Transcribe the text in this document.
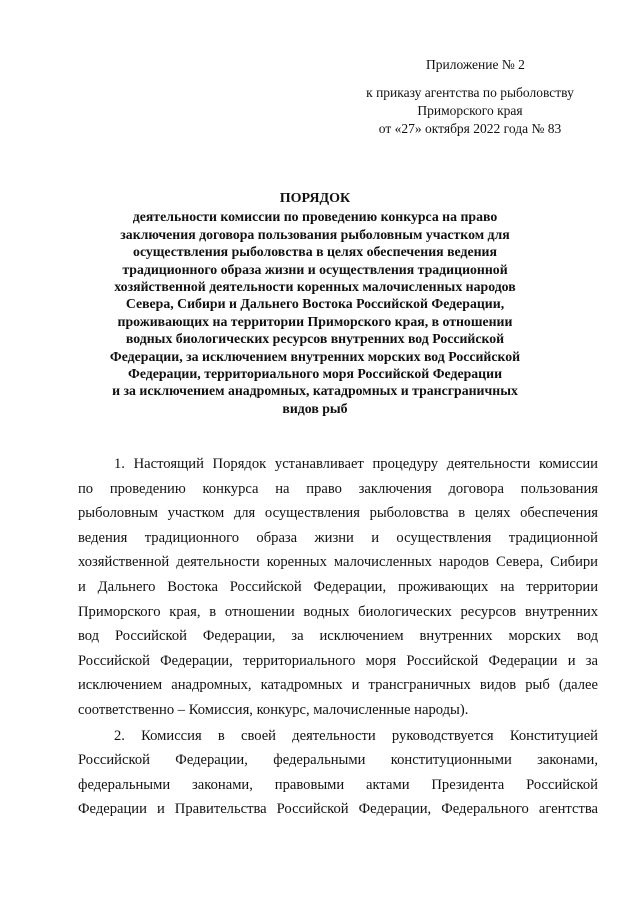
Приложение № 2
к приказу агентства по рыболовству
Приморского края
от «27» октября 2022 года № 83
ПОРЯДОК
деятельности комиссии по проведению конкурса на право
заключения договора пользования рыболовным участком для
осуществления рыболовства в целях обеспечения ведения
традиционного образа жизни и осуществления традиционной
хозяйственной деятельности коренных малочисленных народов
Севера, Сибири и Дальнего Востока Российской Федерации,
проживающих на территории Приморского края, в отношении
водных биологических ресурсов внутренних вод Российской
Федерации, за исключением внутренних морских вод Российской
Федерации, территориального моря Российской Федерации
и за исключением анадромных, катадромных и трансграничных
видов рыб
1. Настоящий Порядок устанавливает процедуру деятельности комиссии
по проведению конкурса на право заключения договора пользования
рыболовным участком для осуществления рыболовства в целях обеспечения
ведения традиционного образа жизни и осуществления традиционной
хозяйственной деятельности коренных малочисленных народов Севера, Сибири
и Дальнего Востока Российской Федерации, проживающих на территории
Приморского края, в отношении водных биологических ресурсов внутренних
вод Российской Федерации, за исключением внутренних морских вод
Российской Федерации, территориального моря Российской Федерации и за
исключением анадромных, катадромных и трансграничных видов рыб (далее
соответственно – Комиссия, конкурс, малочисленные народы).
2. Комиссия в своей деятельности руководствуется Конституцией
Российской Федерации, федеральными конституционными законами,
федеральными законами, правовыми актами Президента Российской
Федерации и Правительства Российской Федерации, Федерального агентства
